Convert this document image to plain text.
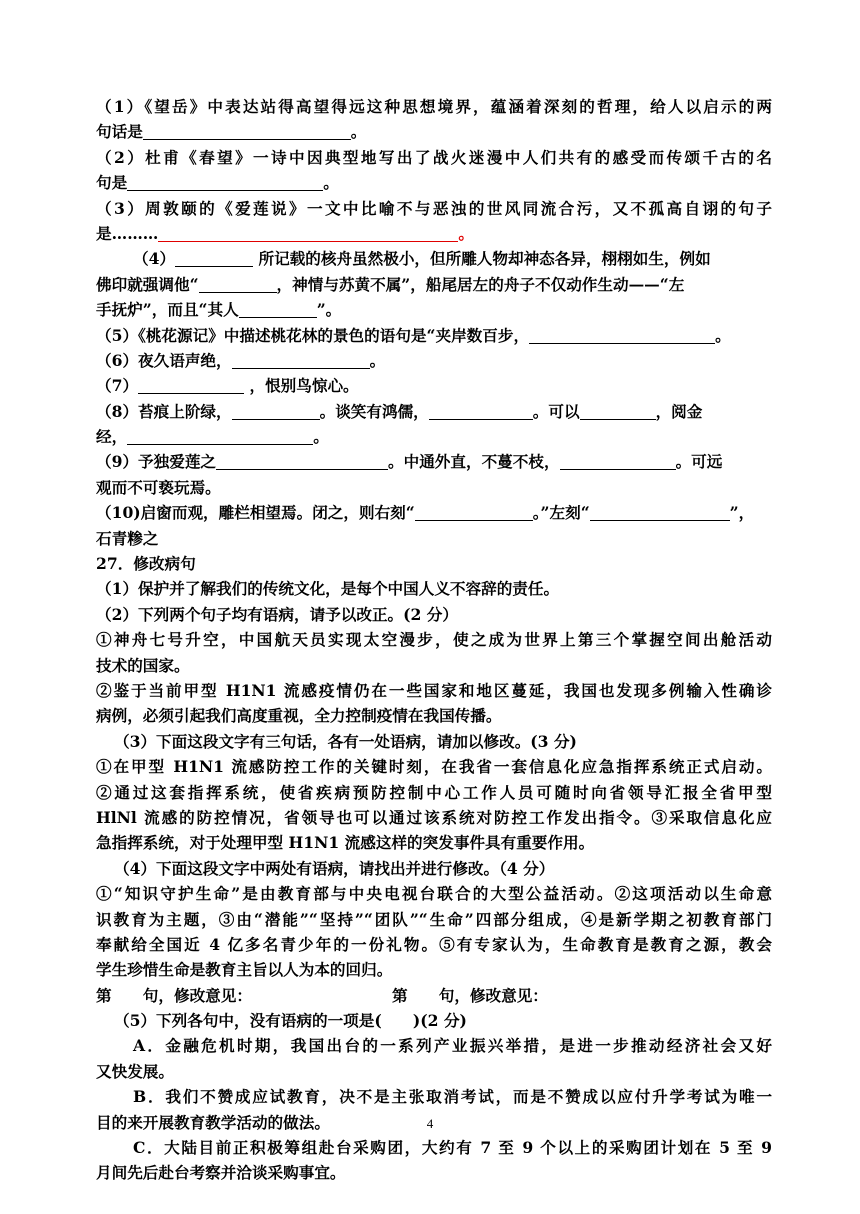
（1）《望岳》中表达站得高望得远这种思想境界，蕴涵着深刻的哲理，给人以启示的两
句话是	。
（2）杜甫《春望》一诗中因典型地写出了战火迷漫中人们共有的感受而传颂千古的名
句是	。
（3）周敦颐的《爱莲说》一文中比喻不与恶浊的世风同流合污，又不孤高自诩的句子
是………	。
（4）	所记载的核舟虽然极小，但所雕人物却神态各异，栩栩如生，例如
佛印就强调他“	，神情与苏黄不属”，船尾居左的舟子不仅动作生动——“左
手抚炉”，而且“其人	”。
（5）《桃花源记》中描述桃花林的景色的语句是“夹岸数百步，	。
（6）夜久语声绝，	。
（7）	，恨别鸟惊心。
（8）苔痕上阶绿，	。谈笑有鸿儒，	。可以	，阅金
经，	。
（9）予独爱莲之	。中通外直，不蔓不枝，	。可远
观而不可亵玩焉。
（10)启窗而观，雕栏相望焉。闭之，则右刻“	。”左刻“	”，
石青糁之
27．修改病句
（1）保护并了解我们的传统文化，是每个中国人义不容辞的责任。
（2）下列两个句子均有语病，请予以改正。(2 分）
①神舟七号升空，中国航天员实现太空漫步，使之成为世界上第三个掌握空间出舱活动
技术的国家。
②鉴于当前甲型 H1N1 流感疫情仍在一些国家和地区蔓延，我国也发现多例输入性确诊
病例，必须引起我们高度重视，全力控制疫情在我国传播。
（3）下面这段文字有三句话，各有一处语病，请加以修改。(3 分)
①在甲型 H1N1 流感防控工作的关键时刻，在我省一套信息化应急指挥系统正式启动。
②通过这套指挥系统，使省疾病预防控制中心工作人员可随时向省领导汇报全省甲型
HlNl 流感的防控情况，省领导也可以通过该系统对防控工作发出指令。③采取信息化应
急指挥系统，对于处理甲型 H1N1 流感这样的突发事件具有重要作用。
（4）下面这段文字中两处有语病，请找出并进行修改。（4 分）
①“知识守护生命”是由教育部与中央电视台联合的大型公益活动。②这项活动以生命意
识教育为主题，③由“潜能”“坚持”“团队”“生命”四部分组成，④是新学期之初教育部门
奉献给全国近 4 亿多名青少年的一份礼物。⑤有专家认为，生命教育是教育之源，教会
学生珍惜生命是教育主旨以人为本的回归。
第　　句，修改意见：	第　　句，修改意见：
（5）下列各句中，没有语病的一项是(　　)(2 分)
A．金融危机时期，我国出台的一系列产业振兴举措，是进一步推动经济社会又好
又快发展。
B．我们不赞成应试教育，决不是主张取消考试，而是不赞成以应付升学考试为唯一
目的来开展教育教学活动的做法。
C．大陆目前正积极筹组赴台采购团，大约有 7 至 9 个以上的采购团计划在 5 至 9
月间先后赴台考察并洽谈采购事宜。
4
